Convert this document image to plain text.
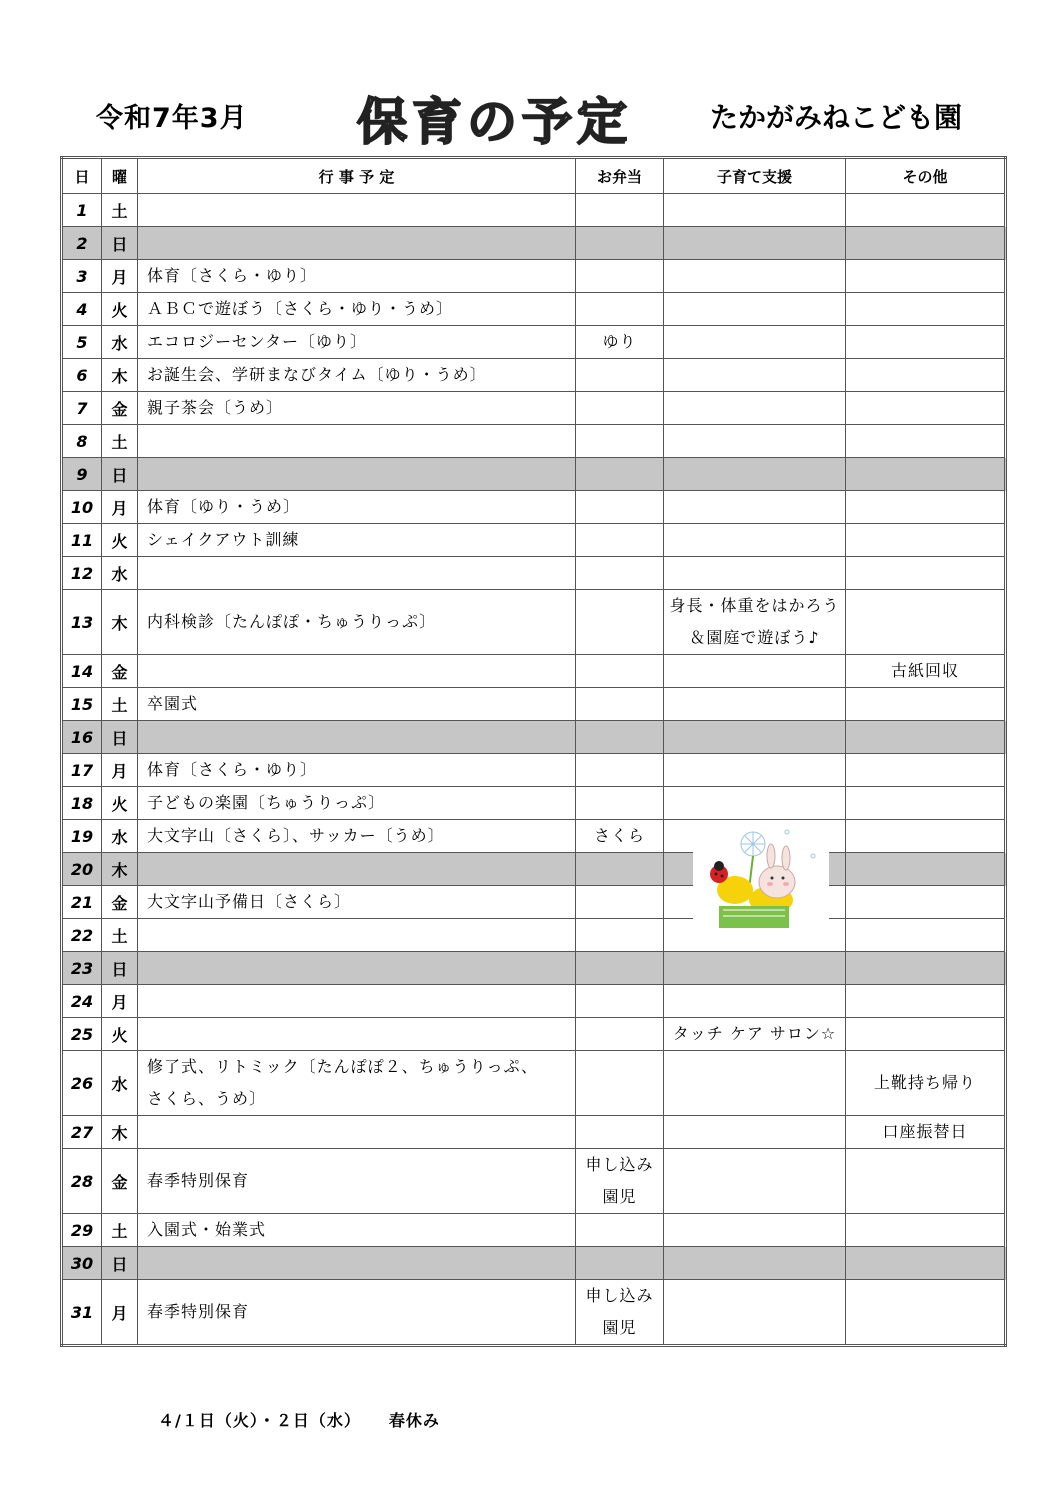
令和7年3月 保育の予定	たかがみねこども園
日	曜	行 事 予 定	お弁当	子育て支援	その他
1	土				
2	日				
3	月	体育〔さくら・ゆり〕			
4	火	ＡＢＣで遊ぼう〔さくら・ゆり・うめ〕			
5	水	エコロジーセンター〔ゆり〕	ゆり		
6	木	お誕生会、学研まなびタイム〔ゆり・うめ〕			
7	金	親子茶会〔うめ〕			
8	土				
9	日				
10	月	体育〔ゆり・うめ〕			
11	火	シェイクアウト訓練			
12	水				
13	木	内科検診〔たんぽぽ・ちゅうりっぷ〕		身長・体重をはかろう
＆園庭で遊ぼう♪	
14	金				古紙回収
15	土	卒園式			
16	日				
17	月	体育〔さくら・ゆり〕			
18	火	子どもの楽園〔ちゅうりっぷ〕			
19	水	大文字山〔さくら〕、サッカー〔うめ〕	さくら		
20	木				
21	金	大文字山予備日〔さくら〕			
22	土				
23	日				
24	月				
25	火			タッチ ケア サロン☆	
26	水	修了式、リトミック〔たんぽぽ２、ちゅうりっぷ、
さくら、うめ〕			上靴持ち帰り
27	木				口座振替日
28	金	春季特別保育	申し込み
園児		
29	土	入園式・始業式			
30	日				
31	月	春季特別保育	申し込み
園児		
４/１日（火）・２日（水） 春休み
